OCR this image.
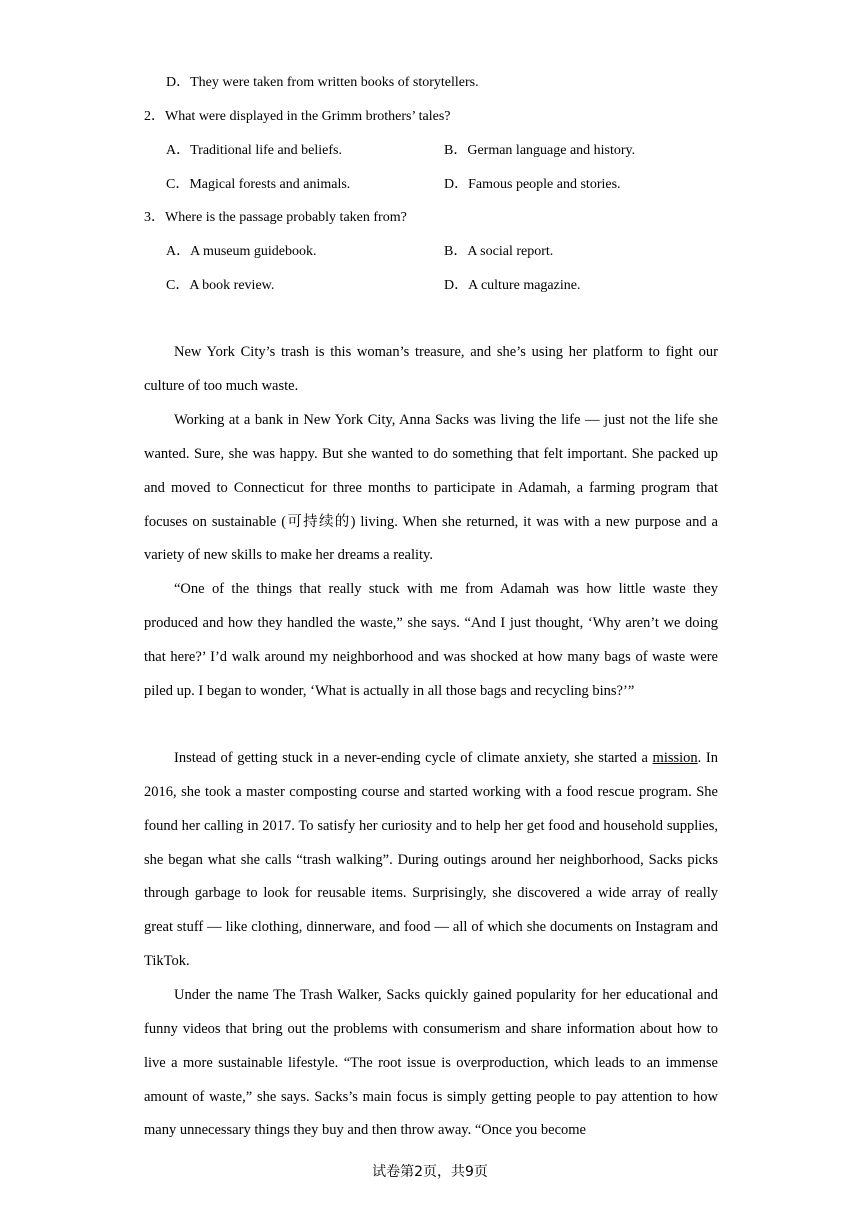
D．They were taken from written books of storytellers.
2．What were displayed in the Grimm brothers’ tales?
A．Traditional life and beliefs.	B．German language and history.
C．Magical forests and animals.	D．Famous people and stories.
3．Where is the passage probably taken from?
A．A museum guidebook.	B．A social report.
C．A book review.	D．A culture magazine.

New York City’s trash is this woman’s treasure, and she’s using her platform to fight our culture of too much waste.

Working at a bank in New York City, Anna Sacks was living the life — just not the life she wanted. Sure, she was happy. But she wanted to do something that felt important. She packed up and moved to Connecticut for three months to participate in Adamah, a farming program that focuses on sustainable (可持续的) living. When she returned, it was with a new purpose and a variety of new skills to make her dreams a reality.

“One of the things that really stuck with me from Adamah was how little waste they produced and how they handled the waste,” she says. “And I just thought, ‘Why aren’t we doing that here?’ I’d walk around my neighborhood and was shocked at how many bags of waste were piled up. I began to wonder, ‘What is actually in all those bags and recycling bins?’”

Instead of getting stuck in a never-ending cycle of climate anxiety, she started a mission. In 2016, she took a master composting course and started working with a food rescue program. She found her calling in 2017. To satisfy her curiosity and to help her get food and household supplies, she began what she calls “trash walking”. During outings around her neighborhood, Sacks picks through garbage to look for reusable items. Surprisingly, she discovered a wide array of really great stuff — like clothing, dinnerware, and food — all of which she documents on Instagram and TikTok.

Under the name The Trash Walker, Sacks quickly gained popularity for her educational and funny videos that bring out the problems with consumerism and share information about how to live a more sustainable lifestyle. “The root issue is overproduction, which leads to an immense amount of waste,” she says. Sacks’s main focus is simply getting people to pay attention to how many unnecessary things they buy and then throw away. “Once you become

试卷第2页，共9页
